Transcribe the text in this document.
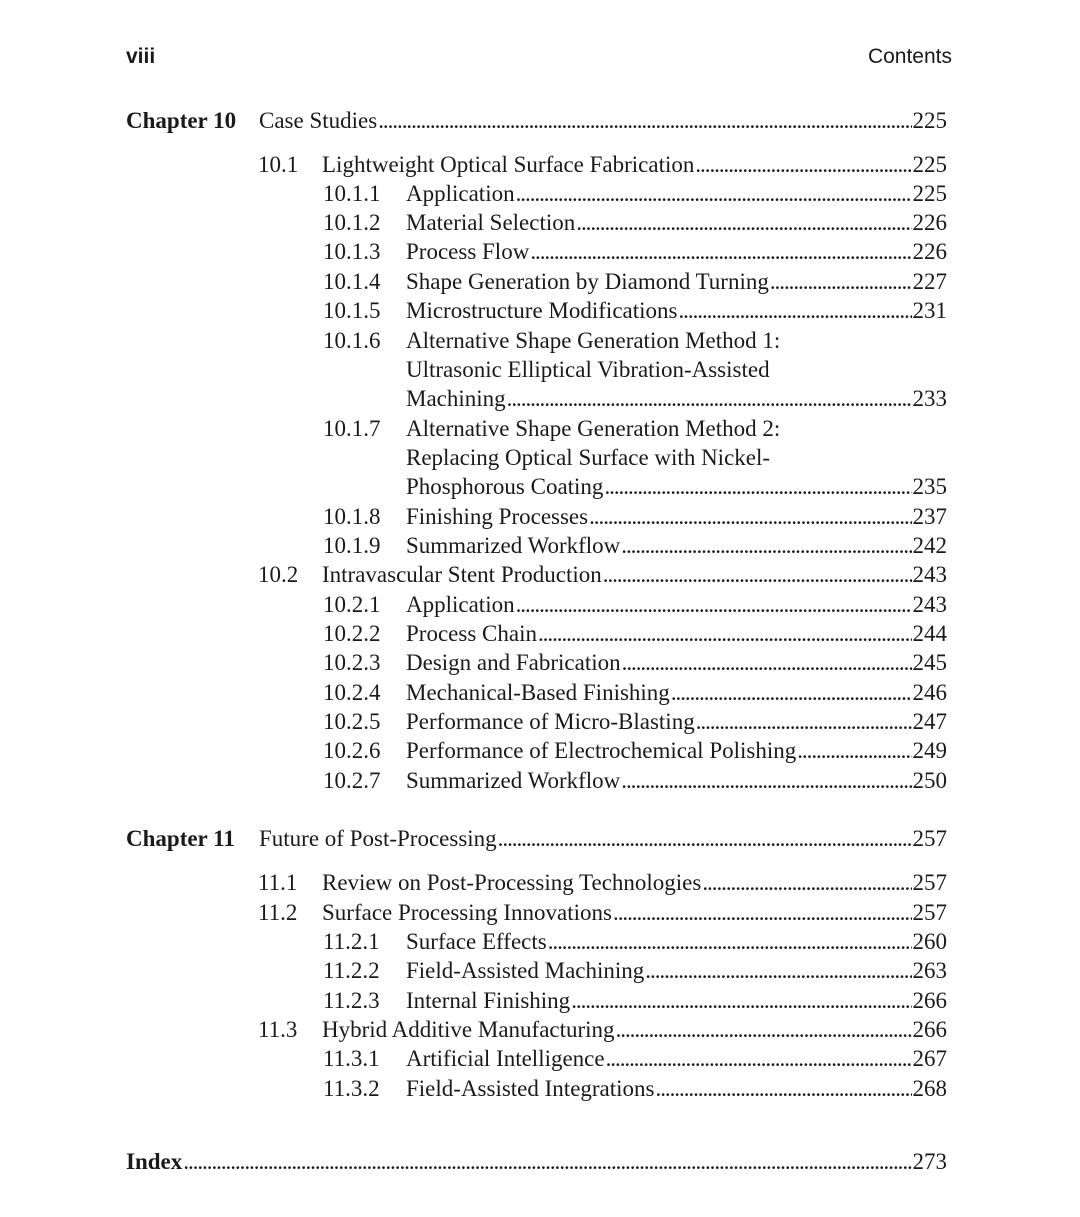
viii	Contents
Chapter 10 Case Studies . . .	225
10.1	Lightweight Optical Surface Fabrication . . .	225
10.1.1	Application . . .	225
10.1.2	Material Selection . . .	226
10.1.3	Process Flow . . .	226
10.1.4	Shape Generation by Diamond Turning . . .	227
10.1.5	Microstructure Modifications . . .	231
10.1.6	Alternative Shape Generation Method 1:
Ultrasonic Elliptical Vibration-Assisted
Machining . . .	233
10.1.7	Alternative Shape Generation Method 2:
Replacing Optical Surface with Nickel-
Phosphorous Coating . . .	235
10.1.8	Finishing Processes . . .	237
10.1.9	Summarized Workflow . . .	242
10.2	Intravascular Stent Production . . .	243
10.2.1	Application . . .	243
10.2.2	Process Chain . . .	244
10.2.3	Design and Fabrication . . .	245
10.2.4	Mechanical-Based Finishing . . .	246
10.2.5	Performance of Micro-Blasting . . .	247
10.2.6	Performance of Electrochemical Polishing . . .	249
10.2.7	Summarized Workflow . . .	250
Chapter 11	Future of Post-Processing . . .	257
11.1	Review on Post-Processing Technologies . . .	257
11.2	Surface Processing Innovations . . .	257
11.2.1	Surface Effects . . .	260
11.2.2	Field-Assisted Machining . . .	263
11.2.3	Internal Finishing . . .	266
11.3	Hybrid Additive Manufacturing . . .	266
11.3.1	Artificial Intelligence . . .	267
11.3.2	Field-Assisted Integrations . . .	268
Index . . .	273
